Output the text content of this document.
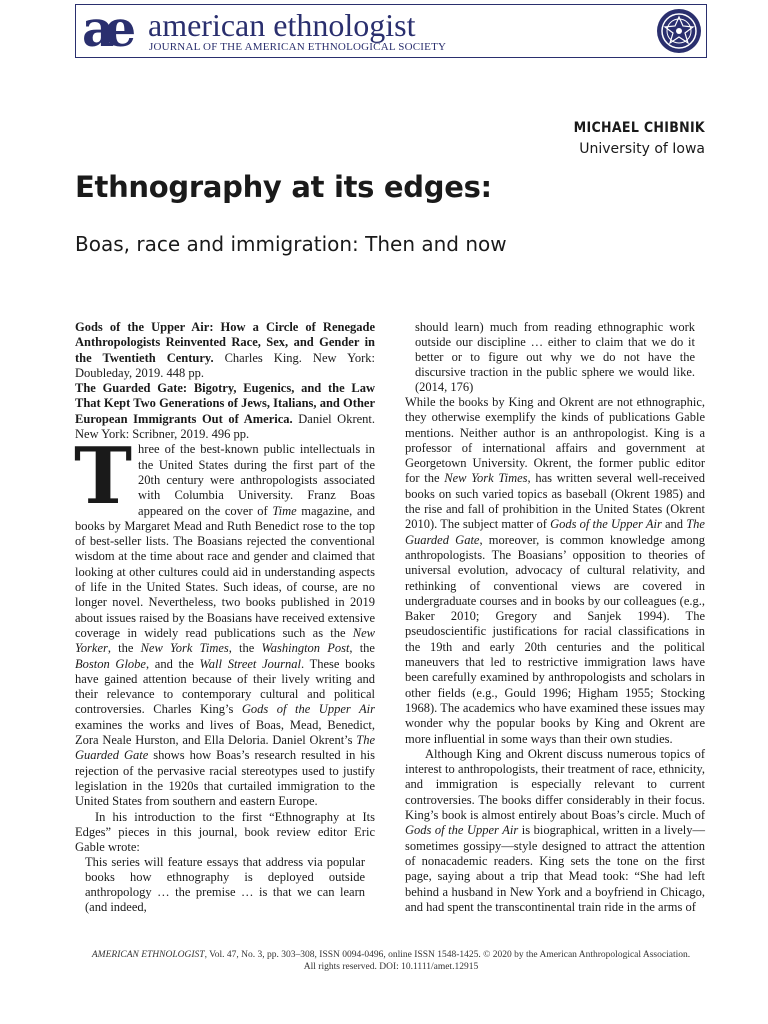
ae american ethnologist
JOURNAL OF THE AMERICAN ETHNOLOGICAL SOCIETY
MICHAEL CHIBNIK
University of Iowa
Ethnography at its edges:
Boas, race and immigration: Then and now

Gods of the Upper Air: How a Circle of Renegade Anthropologists Reinvented Race, Sex, and Gender in the Twentieth Century. Charles King. New York: Doubleday, 2019. 448 pp.

The Guarded Gate: Bigotry, Eugenics, and the Law That Kept Two Generations of Jews, Italians, and Other European Immigrants Out of America. Daniel Okrent. New York: Scribner, 2019. 496 pp.

Three of the best-known public intellectuals in the United States during the first part of the 20th century were anthropologists associated with Columbia University. Franz Boas appeared on the cover of Time magazine, and books by Margaret Mead and Ruth Benedict rose to the top of best-seller lists. The Boasians rejected the conventional wisdom at the time about race and gender and claimed that looking at other cultures could aid in understanding aspects of life in the United States. Such ideas, of course, are no longer novel. Nevertheless, two books published in 2019 about issues raised by the Boasians have received extensive coverage in widely read publications such as the New Yorker, the New York Times, the Washington Post, the Boston Globe, and the Wall Street Journal. These books have gained attention because of their lively writing and their relevance to contemporary cultural and political controversies. Charles King’s Gods of the Upper Air examines the works and lives of Boas, Mead, Benedict, Zora Neale Hurston, and Ella Deloria. Daniel Okrent’s The Guarded Gate shows how Boas’s research resulted in his rejection of the pervasive racial stereotypes used to justify legislation in the 1920s that curtailed immigration to the United States from southern and eastern Europe.

In his introduction to the first “Ethnography at Its Edges” pieces in this journal, book review editor Eric Gable wrote:

This series will feature essays that address via popular books how ethnography is deployed outside anthropology … the premise … is that we can learn (and indeed,

should learn) much from reading ethnographic work outside our discipline … either to claim that we do it better or to figure out why we do not have the discursive traction in the public sphere we would like. (2014, 176)

While the books by King and Okrent are not ethnographic, they otherwise exemplify the kinds of publications Gable mentions. Neither author is an anthropologist. King is a professor of international affairs and government at Georgetown University. Okrent, the former public editor for the New York Times, has written several well-received books on such varied topics as baseball (Okrent 1985) and the rise and fall of prohibition in the United States (Okrent 2010). The subject matter of Gods of the Upper Air and The Guarded Gate, moreover, is common knowledge among anthropologists. The Boasians’ opposition to theories of universal evolution, advocacy of cultural relativity, and rethinking of conventional views are covered in undergraduate courses and in books by our colleagues (e.g., Baker 2010; Gregory and Sanjek 1994). The pseudoscientific justifications for racial classifications in the 19th and early 20th centuries and the political maneuvers that led to restrictive immigration laws have been carefully examined by anthropologists and scholars in other fields (e.g., Gould 1996; Higham 1955; Stocking 1968). The academics who have examined these issues may wonder why the popular books by King and Okrent are more influential in some ways than their own studies.

Although King and Okrent discuss numerous topics of interest to anthropologists, their treatment of race, ethnicity, and immigration is especially relevant to current controversies. The books differ considerably in their focus. King’s book is almost entirely about Boas’s circle. Much of Gods of the Upper Air is biographical, written in a lively—sometimes gossipy—style designed to attract the attention of nonacademic readers. King sets the tone on the first page, saying about a trip that Mead took: “She had left behind a husband in New York and a boyfriend in Chicago, and had spent the transcontinental train ride in the arms of

AMERICAN ETHNOLOGIST, Vol. 47, No. 3, pp. 303–308, ISSN 0094-0496, online ISSN 1548-1425. © 2020 by the American Anthropological Association.
All rights reserved. DOI: 10.1111/amet.12915
